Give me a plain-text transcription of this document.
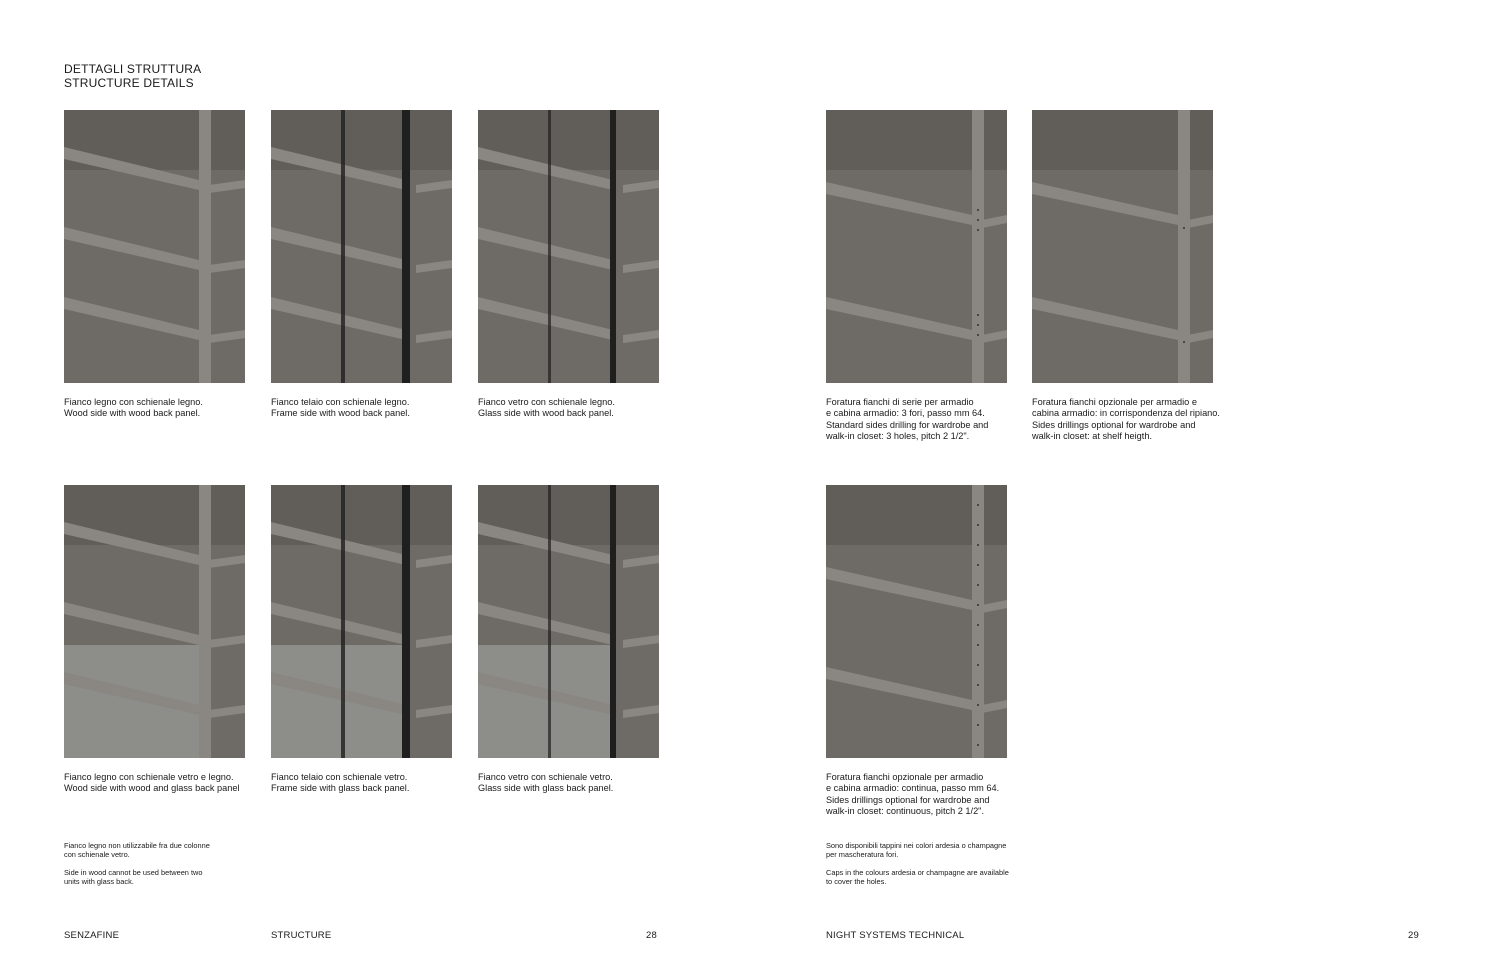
DETTAGLI STRUTTURA
STRUCTURE DETAILS
Fianco legno con schienale legno.
Wood side with wood back panel.
Fianco telaio con schienale legno.
Frame side with wood back panel.
Fianco vetro con schienale legno.
Glass side with wood back panel.
Fianco legno con schienale vetro e legno.
Wood side with wood and glass back panel
Fianco telaio con schienale vetro.
Frame side with glass back panel.
Fianco vetro con schienale vetro.
Glass side with glass back panel.
Fianco legno non utilizzabile fra due colonne
con schienale vetro.
Side in wood cannot be used between two
units with glass back.
Foratura fianchi di serie per armadio
e cabina armadio: 3 fori, passo mm 64.
Standard sides drilling for wardrobe and
walk-in closet: 3 holes, pitch 2 1/2".
Foratura fianchi opzionale per armadio e
cabina armadio: in corrispondenza del ripiano.
Sides drillings optional for wardrobe and
walk-in closet: at shelf heigth.
Foratura fianchi opzionale per armadio
e cabina armadio: continua, passo mm 64.
Sides drillings optional for wardrobe and
walk-in closet: continuous, pitch 2 1/2".
Sono disponibili tappini nei colori ardesia o champagne
per mascheratura fori.
Caps in the colours ardesia or champagne are available
to cover the holes.
SENZAFINE	STRUCTURE	28	NIGHT SYSTEMS TECHNICAL	29
